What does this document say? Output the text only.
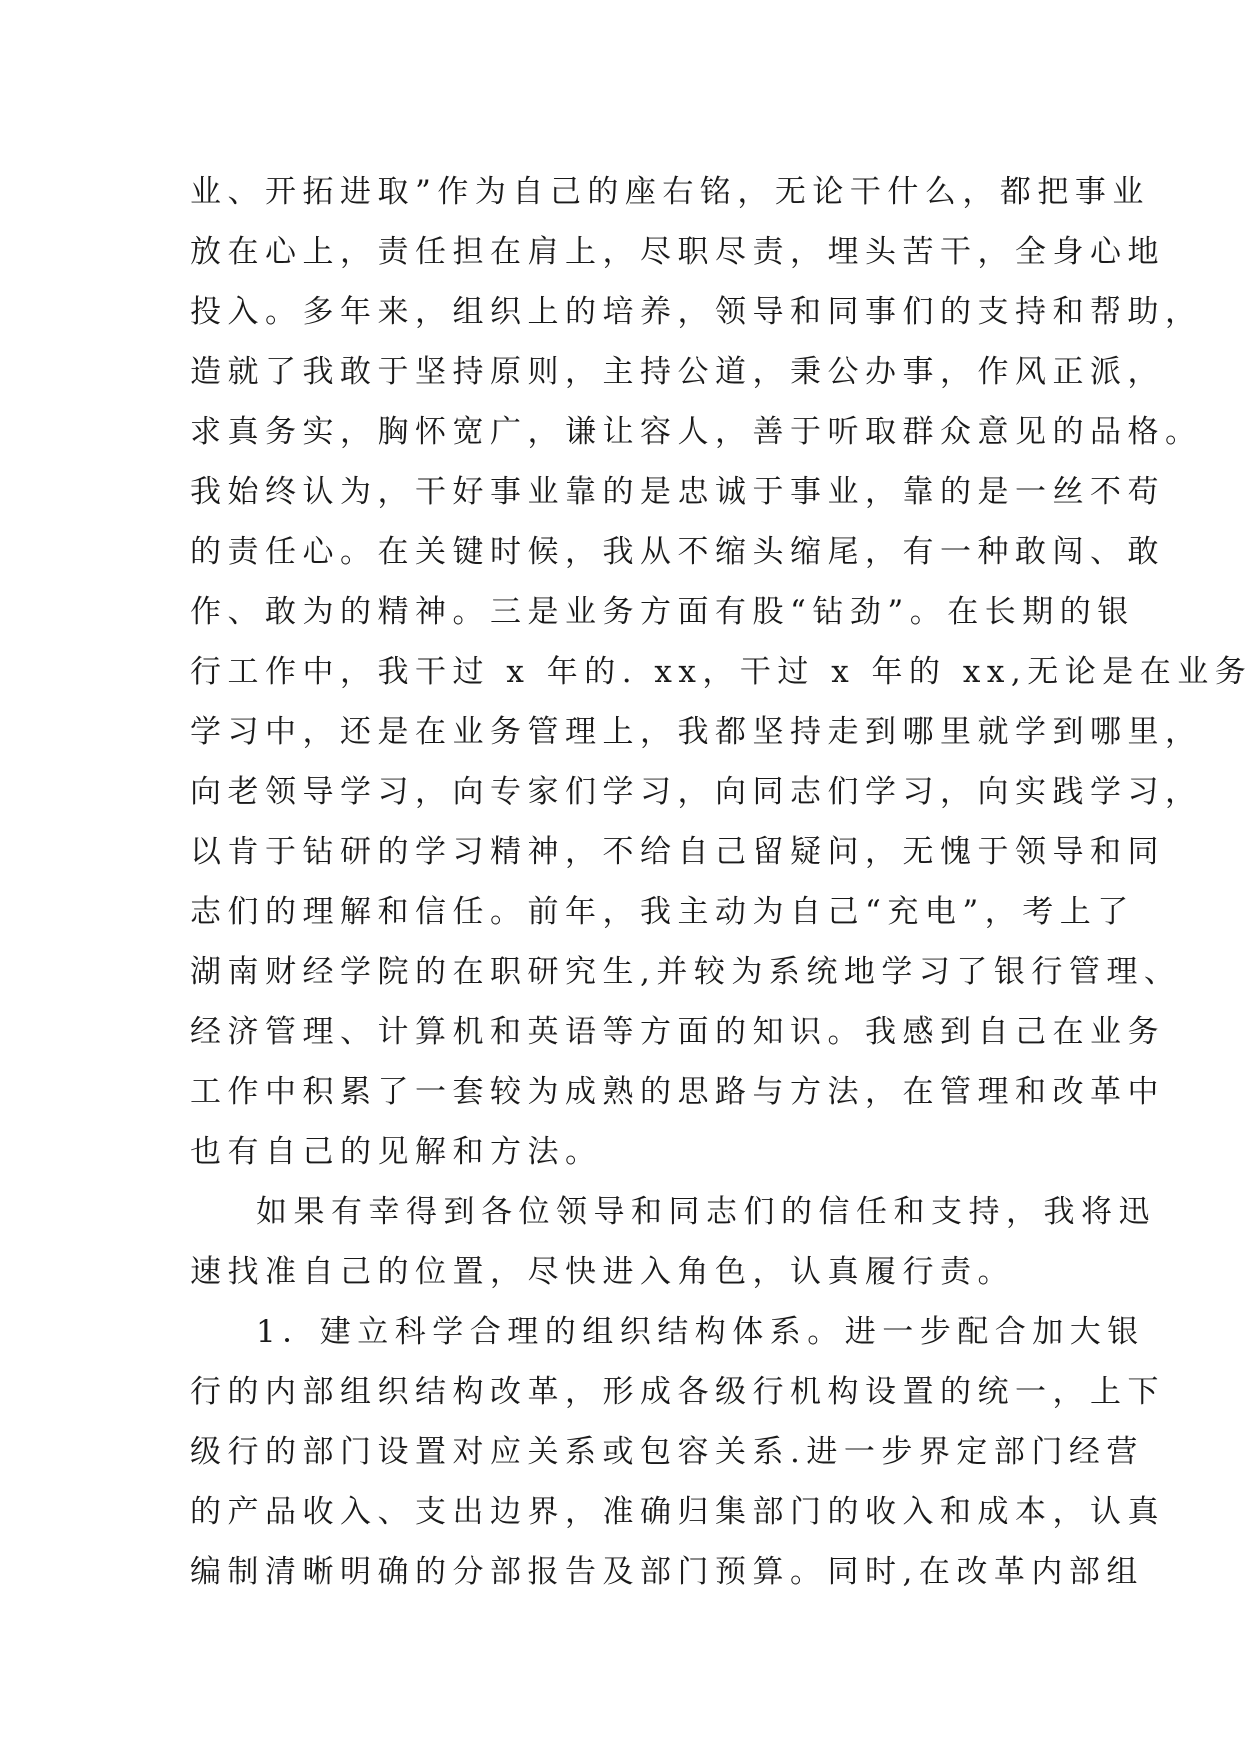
业、开拓进取”作为自己的座右铭，无论干什么，都把事业
放在心上，责任担在肩上，尽职尽责，埋头苦干，全身心地
投入。多年来，组织上的培养，领导和同事们的支持和帮助，
造就了我敢于坚持原则，主持公道，秉公办事，作风正派，
求真务实，胸怀宽广，谦让容人，善于听取群众意见的品格。
我始终认为，干好事业靠的是忠诚于事业，靠的是一丝不苟
的责任心。在关键时候，我从不缩头缩尾，有一种敢闯、敢
作、敢为的精神。三是业务方面有股“钻劲”。在长期的银
行工作中，我干过 x 年的. xx，干过 x 年的 xx,无论是在业务
学习中，还是在业务管理上，我都坚持走到哪里就学到哪里，
向老领导学习，向专家们学习，向同志们学习，向实践学习，
以肯于钻研的学习精神，不给自己留疑问，无愧于领导和同
志们的理解和信任。前年，我主动为自己“充电”，考上了
湖南财经学院的在职研究生,并较为系统地学习了银行管理、
经济管理、计算机和英语等方面的知识。我感到自己在业务
工作中积累了一套较为成熟的思路与方法，在管理和改革中
也有自己的见解和方法。
如果有幸得到各位领导和同志们的信任和支持，我将迅
速找准自己的位置，尽快进入角色，认真履行责。
1．建立科学合理的组织结构体系。进一步配合加大银
行的内部组织结构改革，形成各级行机构设置的统一，上下
级行的部门设置对应关系或包容关系.进一步界定部门经营
的产品收入、支出边界，准确归集部门的收入和成本，认真
编制清晰明确的分部报告及部门预算。同时,在改革内部组
